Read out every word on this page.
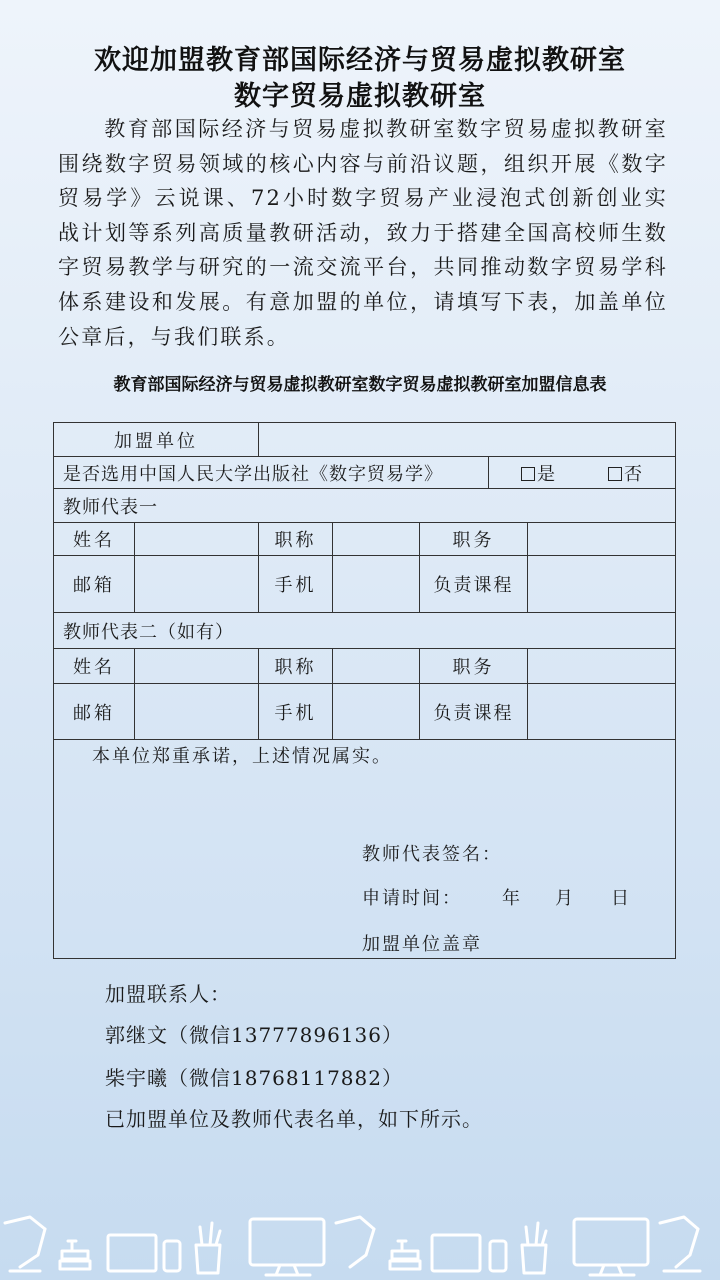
欢迎加盟教育部国际经济与贸易虚拟教研室
数字贸易虚拟教研室
教育部国际经济与贸易虚拟教研室数字贸易虚拟教研室围绕数字贸易领域的核心内容与前沿议题，组织开展《数字贸易学》云说课、72小时数字贸易产业浸泡式创新创业实战计划等系列高质量教研活动，致力于搭建全国高校师生数字贸易教学与研究的一流交流平台，共同推动数字贸易学科体系建设和发展。有意加盟的单位，请填写下表，加盖单位公章后，与我们联系。
教育部国际经济与贸易虚拟教研室数字贸易虚拟教研室加盟信息表
加盟单位
是否选用中国人民大学出版社《数字贸易学》	是	否
教师代表一
姓名	职称	职务
邮箱	手机	负责课程
教师代表二（如有）
姓名	职称	职务
邮箱	手机	负责课程
本单位郑重承诺，上述情况属实。
教师代表签名：
申请时间： 年 月 日
加盟单位盖章
加盟联系人：
郭继文（微信13777896136）
柴宇曦（微信18768117882）
已加盟单位及教师代表名单，如下所示。
